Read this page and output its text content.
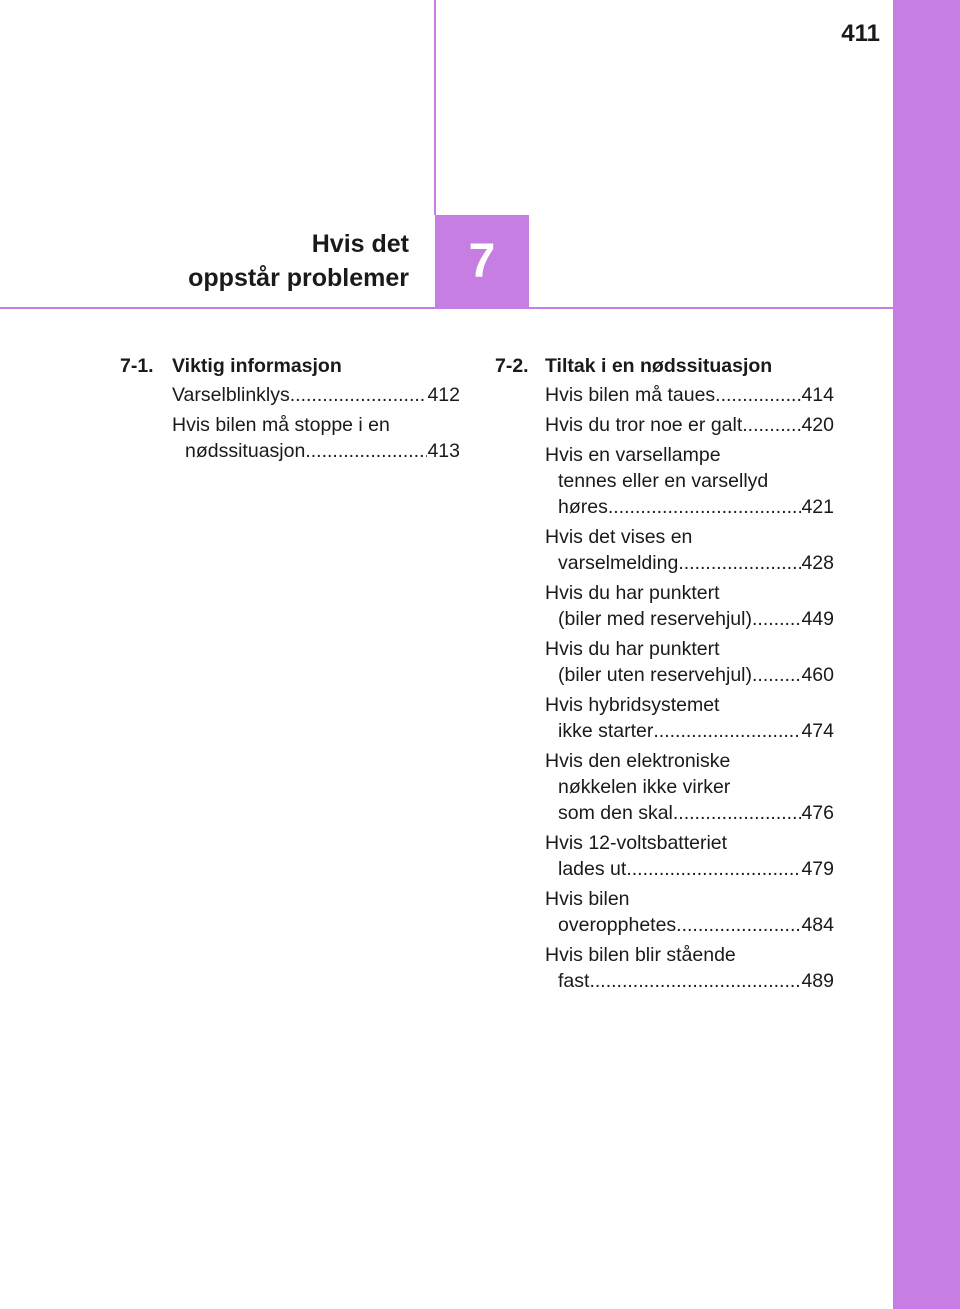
411
Hvis det
oppstår problemer 7
7-1. Viktig informasjon
Varselblinklys .....	412
Hvis bilen må stoppe i en
nødssituasjon .....	413
7-2. Tiltak i en nødssituasjon
Hvis bilen må taues .....	414
Hvis du tror noe er galt .....	420
Hvis en varsellampe
tennes eller en varsellyd
høres .....	421
Hvis det vises en
varselmelding .....	428
Hvis du har punktert
(biler med reservehjul) .....	449
Hvis du har punktert
(biler uten reservehjul) .....	460
Hvis hybridsystemet
ikke starter .....	474
Hvis den elektroniske
nøkkelen ikke virker
som den skal .....	476
Hvis 12-voltsbatteriet
lades ut .....	479
Hvis bilen
overopphetes .....	484
Hvis bilen blir stående
fast .....	489
